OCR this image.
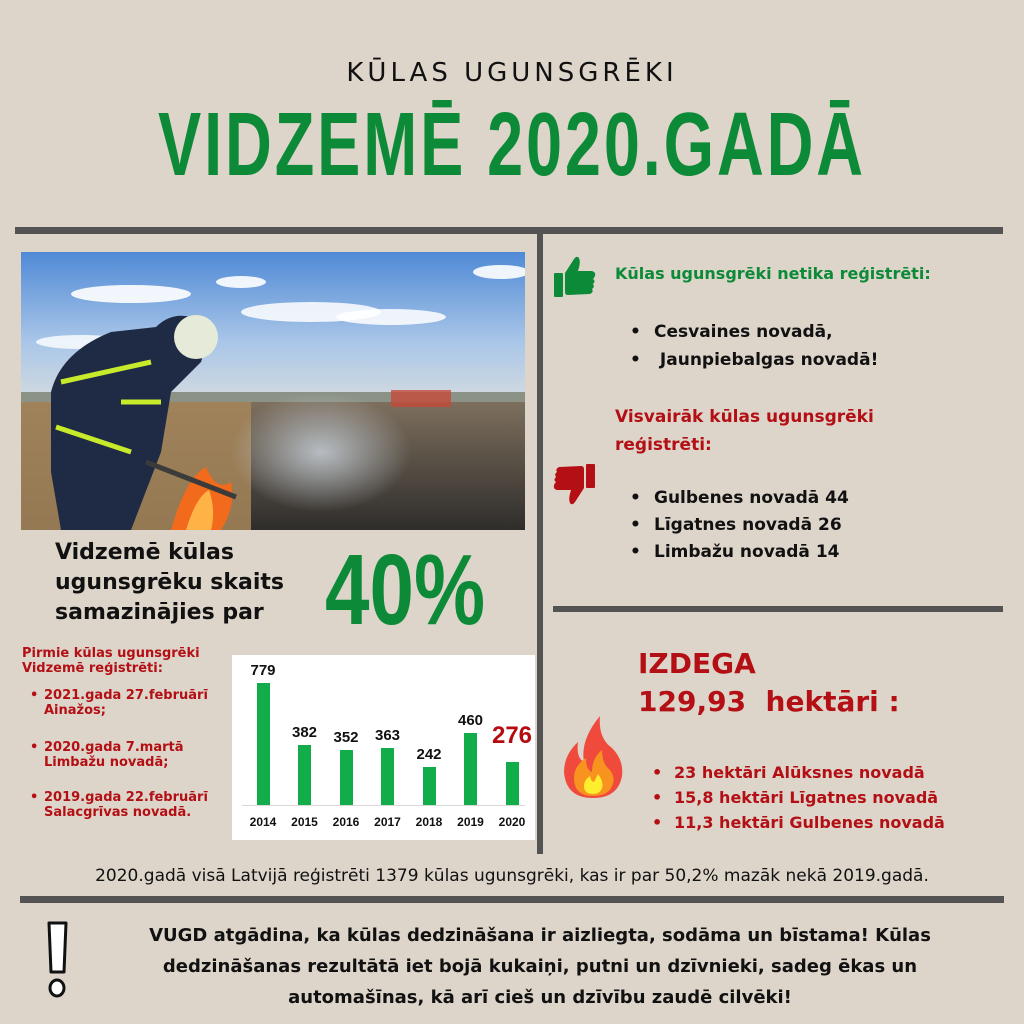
KŪLAS UGUNSGRĒKI
VIDZEMĒ 2020.GADĀ
Vidzemē kūlas
ugunsgrēku skaits
samazinājies par 40%
Pirmie kūlas ugunsgrēki
Vidzemē reģistrēti:
• 2021.gada 27.februārī
Ainažos;
• 2020.gada 7.martā
Limbažu novadā;
• 2019.gada 22.februārī
Salacgrīvas novadā.
779
2014
382
2015
352
2016
363
2017
242
2018
460
2019
276
2020
Kūlas ugunsgrēki netika reģistrēti:
• Cesvaines novadā,
•  Jaunpiebalgas novadā!
Visvairāk kūlas ugunsgrēki
reģistrēti:
• Gulbenes novadā 44
• Līgatnes novadā 26
• Limbažu novadā 14
IZDEGA
129,93  hektāri :
• 23 hektāri Alūksnes novadā
• 15,8 hektāri Līgatnes novadā
• 11,3 hektāri Gulbenes novadā
2020.gadā visā Latvijā reģistrēti 1379 kūlas ugunsgrēki, kas ir par 50,2% mazāk nekā 2019.gadā.
VUGD atgādina, ka kūlas dedzināšana ir aizliegta, sodāma un bīstama! Kūlas
dedzināšanas rezultātā iet bojā kukaiņi, putni un dzīvnieki, sadeg ēkas un
automašīnas, kā arī cieš un dzīvību zaudē cilvēki!
